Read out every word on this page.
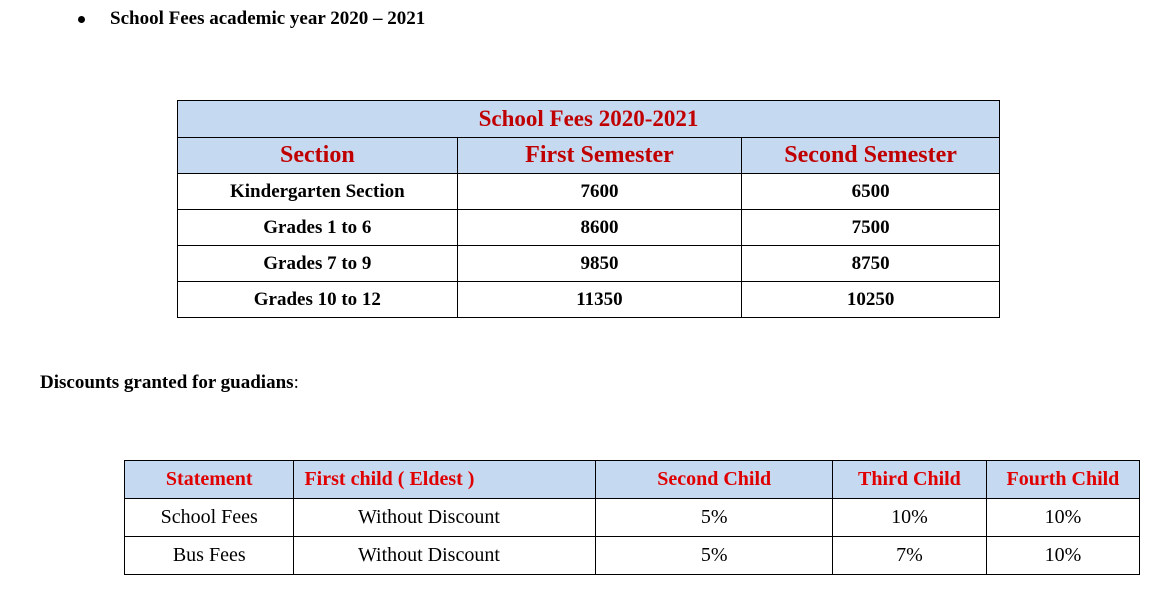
School Fees academic year 2020 – 2021
School Fees 2020-2021		
Section	First Semester	Second Semester
Kindergarten Section	7600	6500
Grades 1 to 6	8600	7500
Grades 7 to 9	9850	8750
Grades 10 to 12	11350	10250
Discounts granted for guadians:
Statement	First child ( Eldest )	Second Child	Third Child	Fourth Child
School Fees	Without Discount	5%	10%	10%
Bus Fees	Without Discount	5%	7%	10%
